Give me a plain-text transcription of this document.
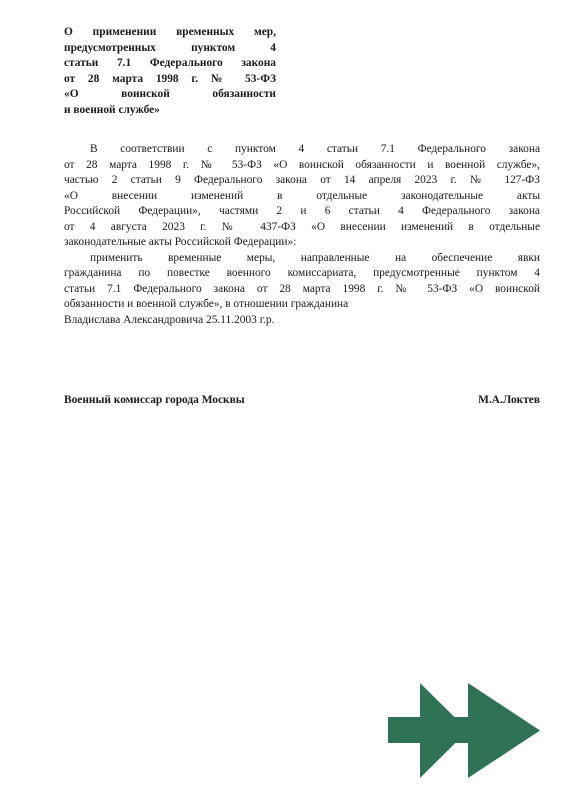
О применении временных мер,
предусмотренных пунктом 4
статьи 7.1 Федерального закона
от 28 марта 1998 г. № 53-ФЗ
«О воинской обязанности
и военной службе»
В соответствии с пунктом 4 статьи 7.1 Федерального закона
от 28 марта 1998 г. № 53-ФЗ «О воинской обязанности и военной службе»,
частью 2 статьи 9 Федерального закона от 14 апреля 2023 г. № 127-ФЗ
«О внесении изменений в отдельные законодательные акты
Российской Федерации», частями 2 и 6 статьи 4 Федерального закона
от 4 августа 2023 г. № 437-ФЗ «О внесении изменений в отдельные
законодательные акты Российской Федерации»:
применить временные меры, направленные на обеспечение явки
гражданина по повестке военного комиссариата, предусмотренные пунктом 4
статьи 7.1 Федерального закона от 28 марта 1998 г. № 53-ФЗ «О воинской
обязанности и военной службе», в отношении гражданина
Владислава Александровича 25.11.2003 г.р.
Военный комиссар города Москвы	М.А.Локтев
